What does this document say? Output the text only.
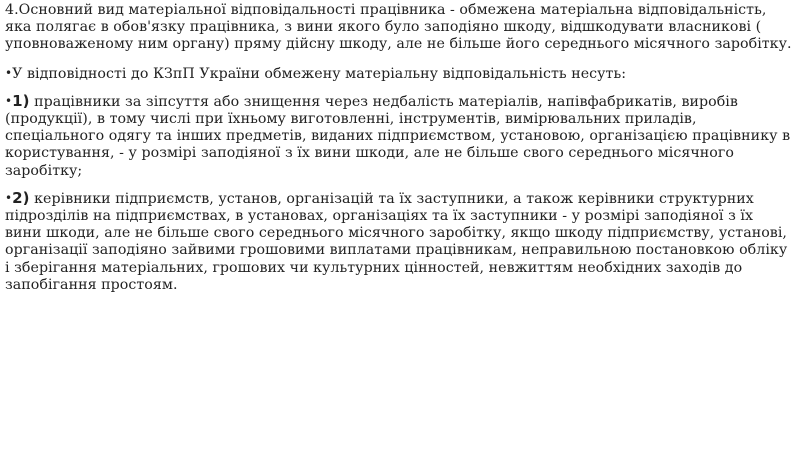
4.Основний вид матеріальної відповідальності працівника - обмежена матеріальна відповідальність, яка полягає в обов'язку працівника, з вини якого було заподіяно шкоду, відшкодувати власникові ( уповноваженому ним органу) пряму дійсну шкоду, але не більше його середнього місячного заробітку.

•У відповідності до КЗпП України обмежену матеріальну відповідальність несуть:

•1) працівники за зіпсуття або знищення через недбалість матеріалів, напівфабрикатів, виробів (продукції), в тому числі при їхньому виготовленні, інструментів, вимірювальних приладів, спеціального одягу та інших предметів, виданих підприємством, установою, організацією працівнику в користування, - у розмірі заподіяної з їх вини шкоди, але не більше свого середнього місячного заробітку;

•2) керівники підприємств, установ, організацій та їх заступники, а також керівники структурних підрозділів на підприємствах, в установах, організаціях та їх заступники - у розмірі заподіяної з їх вини шкоди, але не більше свого середнього місячного заробітку, якщо шкоду підприємству, установі, організації заподіяно зайвими грошовими виплатами працівникам, неправильною постановкою обліку і зберігання матеріальних, грошових чи культурних цінностей, невжиттям необхідних заходів до запобігання простоям.
